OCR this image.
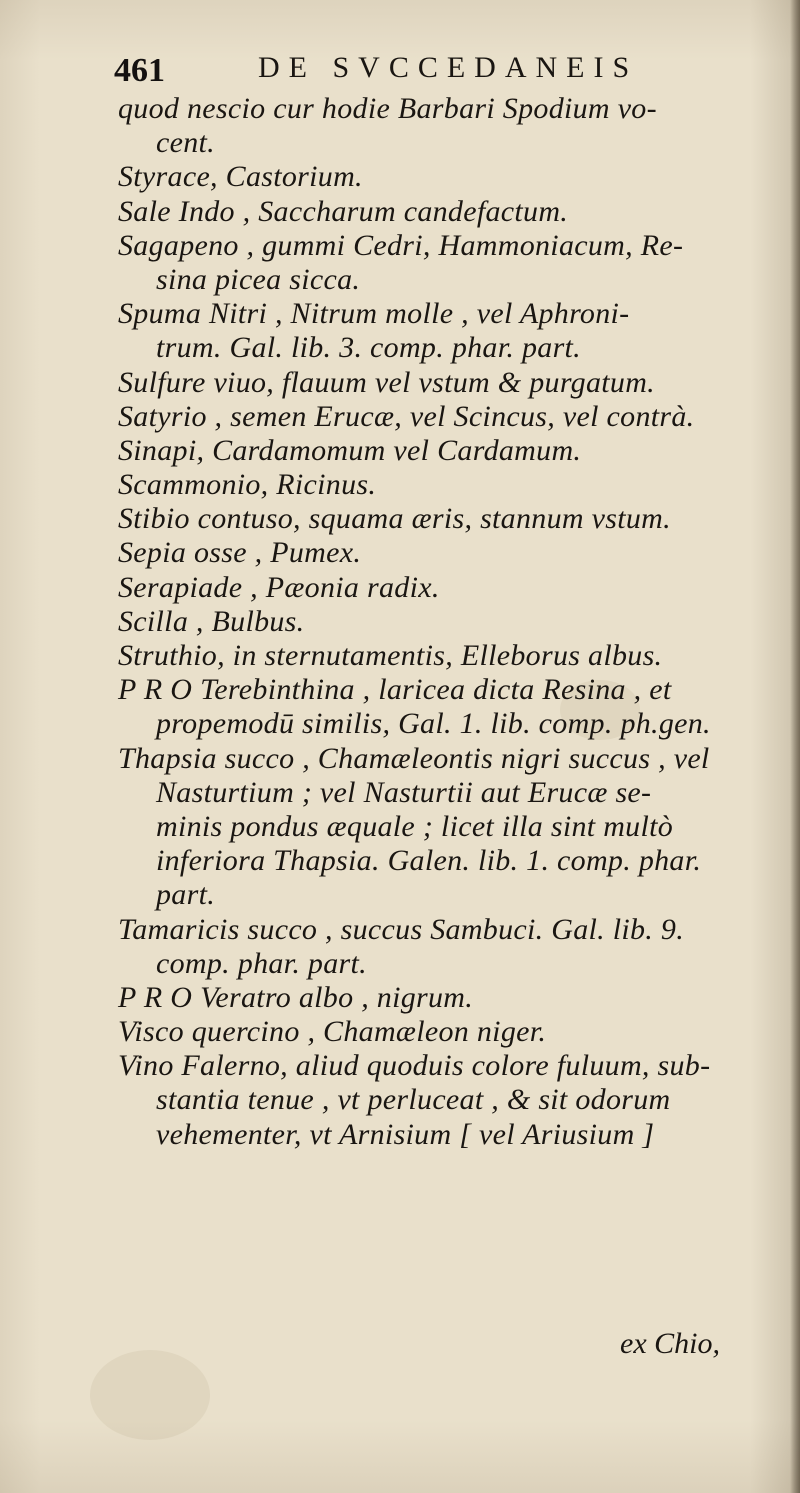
461	DE SVCCEDANEIS
quod nescio cur hodie Barbari Spodium vo-
cent.
Styrace, Castorium.
Sale Indo , Saccharum candefactum.
Sagapeno , gummi Cedri, Hammoniacum, Re-
sina picea sicca.
Spuma Nitri , Nitrum molle , vel Aphroni-
trum. Gal. lib. 3. comp. phar. part.
Sulfure viuo, flauum vel vstum & purgatum.
Satyrio , semen Erucæ, vel Scincus, vel contrà.
Sinapi, Cardamomum vel Cardamum.
Scammonio, Ricinus.
Stibio contuso, squama æris, stannum vstum.
Sepia osse , Pumex.
Serapiade , Pæonia radix.
Scilla , Bulbus.
Struthio, in sternutamentis, Elleborus albus.
P R O Terebinthina , laricea dicta Resina , et
propemodū similis, Gal. 1. lib. comp. ph.gen.
Thapsia succo , Chamæleontis nigri succus , vel
Nasturtium ; vel Nasturtii aut Erucæ se-
minis pondus æquale ; licet illa sint multò
inferiora Thapsia. Galen. lib. 1. comp. phar.
part.
Tamaricis succo , succus Sambuci. Gal. lib. 9.
comp. phar. part.
P R O Veratro albo , nigrum.
Visco quercino , Chamæleon niger.
Vino Falerno, aliud quoduis colore fuluum, sub-
stantia tenue , vt perluceat , & sit odorum
vehementer, vt Arnisium [ vel Ariusium ]
ex Chio,
